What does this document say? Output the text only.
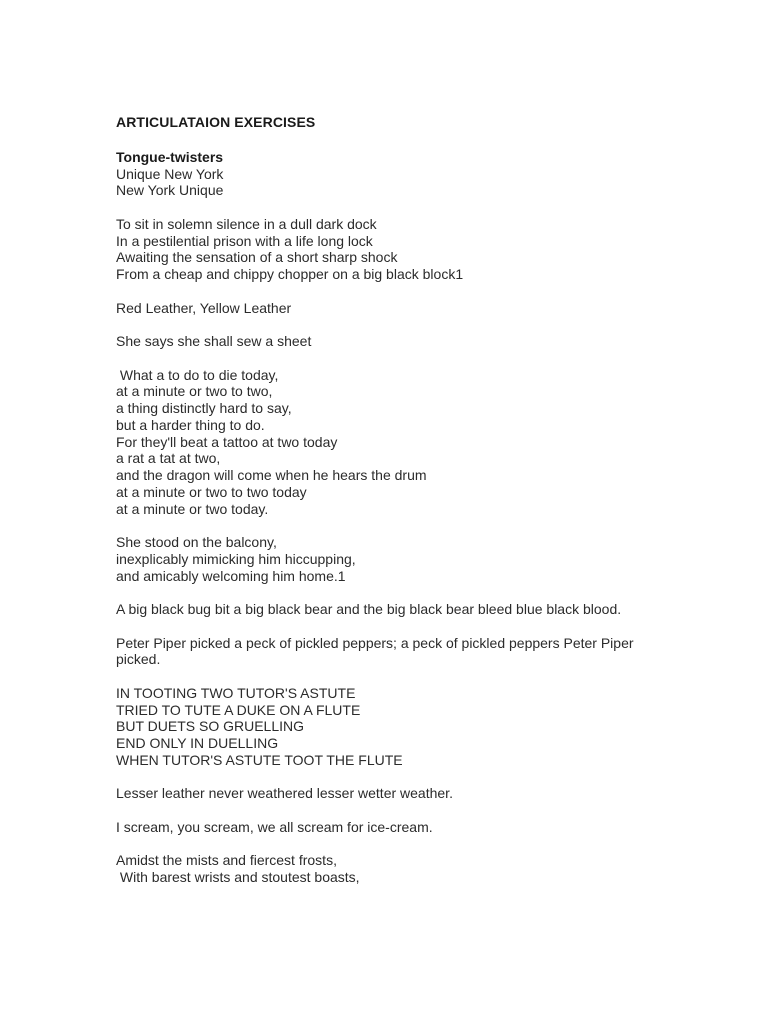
ARTICULATAION EXERCISES
Tongue-twisters
Unique New York
New York Unique
To sit in solemn silence in a dull dark dock
In a pestilential prison with a life long lock
Awaiting the sensation of a short sharp shock
From a cheap and chippy chopper on a big black block1
Red Leather, Yellow Leather
She says she shall sew a sheet
What a to do to die today,
at a minute or two to two,
a thing distinctly hard to say,
but a harder thing to do.
For they'll beat a tattoo at two today
a rat a tat at two,
and the dragon will come when he hears the drum
at a minute or two to two today
at a minute or two today.
She stood on the balcony,
inexplicably mimicking him hiccupping,
and amicably welcoming him home.1
A big black bug bit a big black bear and the big black bear bleed blue black blood.
Peter Piper picked a peck of pickled peppers; a peck of pickled peppers Peter Piper picked.
IN TOOTING TWO TUTOR'S ASTUTE
TRIED TO TUTE A DUKE ON A FLUTE
BUT DUETS SO GRUELLING
END ONLY IN DUELLING
WHEN TUTOR'S ASTUTE TOOT THE FLUTE
Lesser leather never weathered lesser wetter weather.
I scream, you scream, we all scream for ice-cream.
Amidst the mists and fiercest frosts,
With barest wrists and stoutest boasts,
